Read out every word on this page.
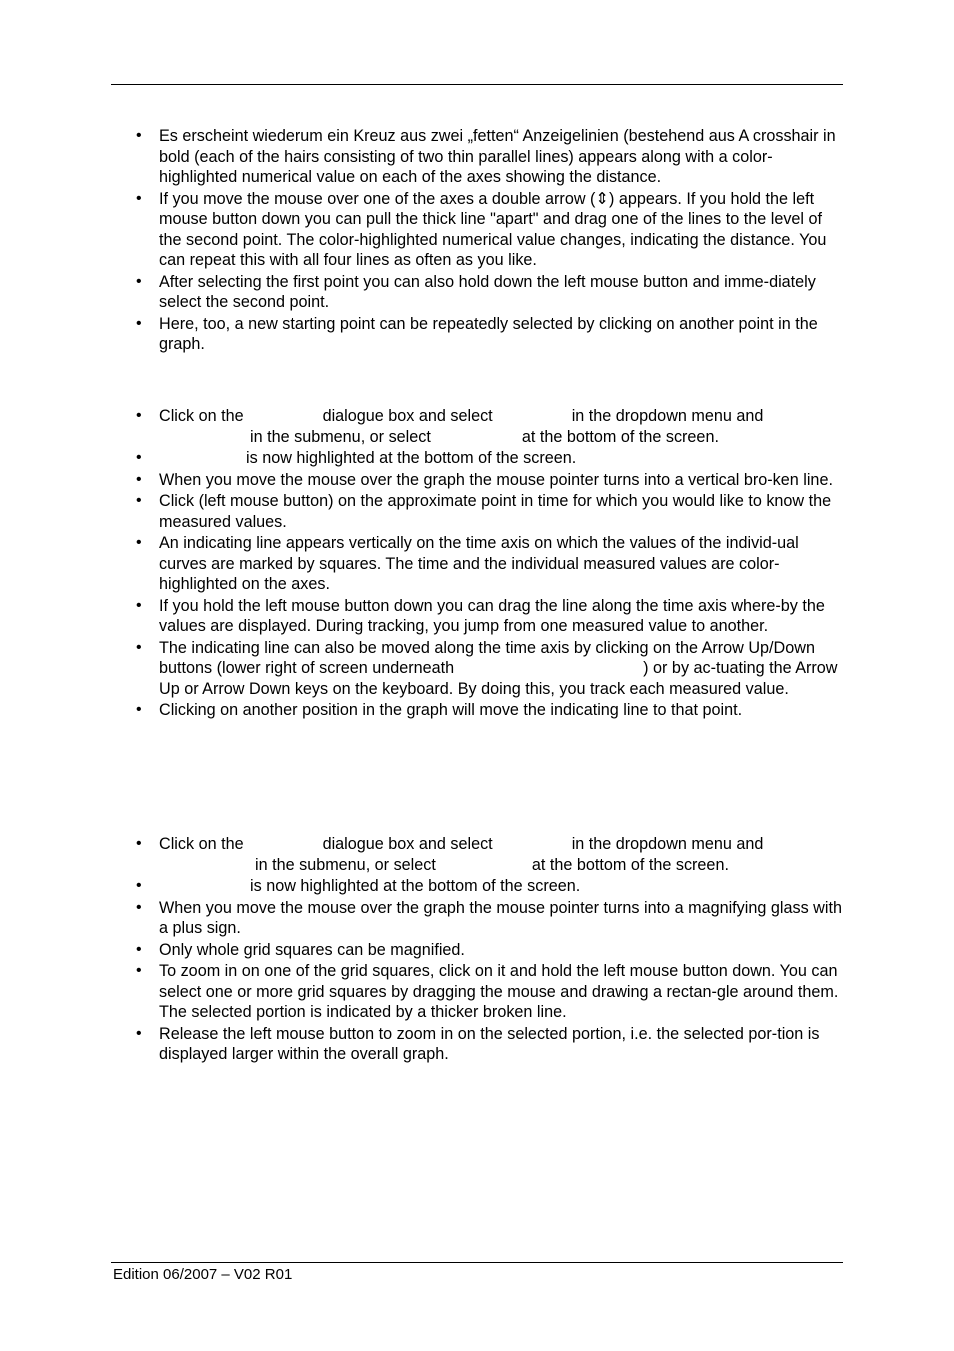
• Es erscheint wiederum ein Kreuz aus zwei „fetten“ Anzeigelinien (bestehend aus A crosshair in bold (each of the hairs consisting of two thin parallel lines) appears along with a color-highlighted numerical value on each of the axes showing the distance.
• If you move the mouse over one of the axes a double arrow (⇕) appears. If you hold the left mouse button down you can pull the thick line "apart" and drag one of the lines to the level of the second point. The color-highlighted numerical value changes, indicating the distance. You can repeat this with all four lines as often as you like.
• After selecting the first point you can also hold down the left mouse button and imme-diately select the second point.
• Here, too, a new starting point can be repeatedly selected by clicking on another point in the graph.
• Click on the	dialogue box and select	in the dropdown menu and
in the submenu, or select	at the bottom of the screen.
• is now highlighted at the bottom of the screen.
• When you move the mouse over the graph the mouse pointer turns into a vertical bro-ken line.
• Click (left mouse button) on the approximate point in time for which you would like to know the measured values.
• An indicating line appears vertically on the time axis on which the values of the individ-ual curves are marked by squares. The time and the individual measured values are color-highlighted on the axes.
• If you hold the left mouse button down you can drag the line along the time axis where-by the values are displayed. During tracking, you jump from one measured value to another.
• The indicating line can also be moved along the time axis by clicking on the Arrow Up/Down buttons (lower right of screen underneath	) or by ac-tuating the Arrow Up or Arrow Down keys on the keyboard. By doing this, you track each measured value.
• Clicking on another position in the graph will move the indicating line to that point.
• Click on the	dialogue box and select	in the dropdown menu and
in the submenu, or select	at the bottom of the screen.
• is now highlighted at the bottom of the screen.
• When you move the mouse over the graph the mouse pointer turns into a magnifying glass with a plus sign.
• Only whole grid squares can be magnified.
• To zoom in on one of the grid squares, click on it and hold the left mouse button down. You can select one or more grid squares by dragging the mouse and drawing a rectan-gle around them. The selected portion is indicated by a thicker broken line.
• Release the left mouse button to zoom in on the selected portion, i.e. the selected por-tion is displayed larger within the overall graph.
Edition 06/2007 – V02 R01
